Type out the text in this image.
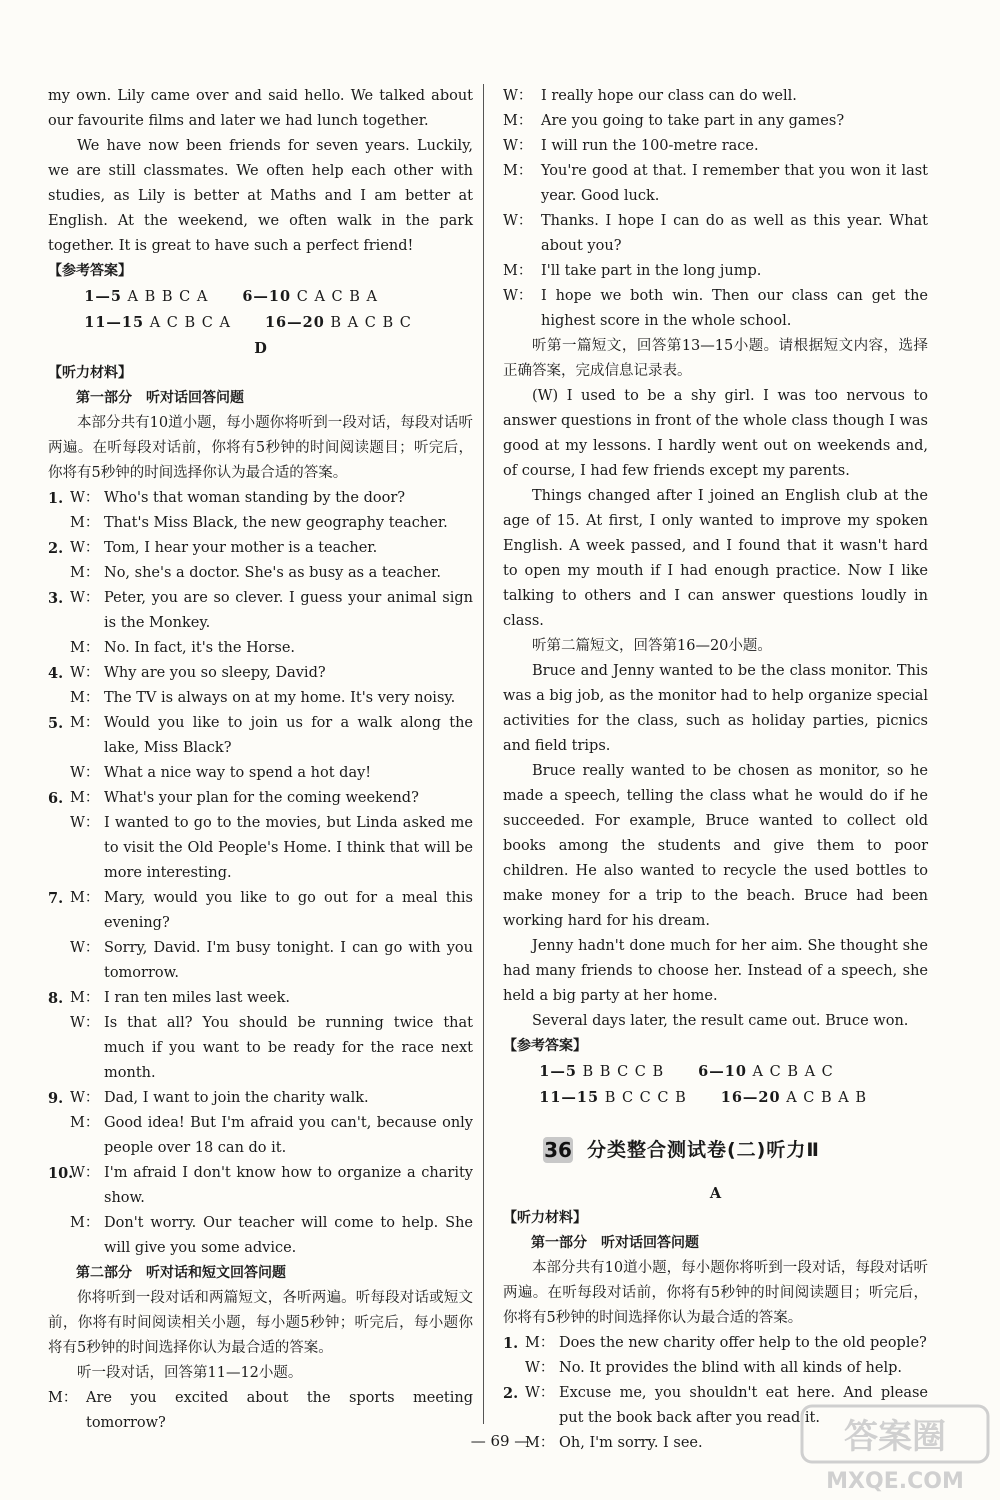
my own. Lily came over and said hello. We talked about our favourite films and later we had lunch together.
We have now been friends for seven years. Luckily, we are still classmates. We often help each other with studies, as Lily is better at Maths and I am better at English. At the weekend, we often walk in the park together. It is great to have such a perfect friend!
【参考答案】
1—5 A B B C A 6—10 C A C B A
11—15 A C B C A 16—20 B A C B C
D
【听力材料】
第一部分　听对话回答问题
本部分共有10道小题，每小题你将听到一段对话，每段对话听两遍。在听每段对话前，你将有5秒钟的时间阅读题目；听完后，你将有5秒钟的时间选择你认为最合适的答案。
1. W： Who's that woman standing by the door?
M： That's Miss Black, the new geography teacher.
2. W： Tom, I hear your mother is a teacher.
M： No, she's a doctor. She's as busy as a teacher.
3. W： Peter, you are so clever. I guess your animal sign is the Monkey.
M： No. In fact, it's the Horse.
4. W： Why are you so sleepy, David?
M： The TV is always on at my home. It's very noisy.
5. M： Would you like to join us for a walk along the lake, Miss Black?
W： What a nice way to spend a hot day!
6. M： What's your plan for the coming weekend?
W： I wanted to go to the movies, but Linda asked me to visit the Old People's Home. I think that will be more interesting.
7. M： Mary, would you like to go out for a meal this evening?
W： Sorry, David. I'm busy tonight. I can go with you tomorrow.
8. M： I ran ten miles last week.
W： Is that all? You should be running twice that much if you want to be ready for the race next month.
9. W： Dad, I want to join the charity walk.
M： Good idea! But I'm afraid you can't, because only people over 18 can do it.
10.
W： I'm afraid I don't know how to organize a charity show.
M： Don't worry. Our teacher will come to help. She will give you some advice.
第二部分　听对话和短文回答问题
你将听到一段对话和两篇短文，各听两遍。听每段对话或短文前，你将有时间阅读相关小题，每小题5秒钟；听完后，每小题你将有5秒钟的时间选择你认为最合适的答案。
听一段对话，回答第11—12小题。
M： Are you excited about the sports meeting tomorrow?
W： I really hope our class can do well.
M： Are you going to take part in any games?
W： I will run the 100-metre race.
M： You're good at that. I remember that you won it last year. Good luck.
W： Thanks. I hope I can do as well as this year. What about you?
M： I'll take part in the long jump.
W： I hope we both win. Then our class can get the highest score in the whole school.
听第一篇短文，回答第13—15小题。请根据短文内容，选择正确答案，完成信息记录表。
(W) I used to be a shy girl. I was too nervous to answer questions in front of the whole class though I was good at my lessons. I hardly went out on weekends and, of course, I had few friends except my parents.
Things changed after I joined an English club at the age of 15. At first, I only wanted to improve my spoken English. A week passed, and I found that it wasn't hard to open my mouth if I had enough practice. Now I like talking to others and I can answer questions loudly in class.
听第二篇短文，回答第16—20小题。
Bruce and Jenny wanted to be the class monitor. This was a big job, as the monitor had to help organize special activities for the class, such as holiday parties, picnics and field trips.
Bruce really wanted to be chosen as monitor, so he made a speech, telling the class what he would do if he succeeded. For example, Bruce wanted to collect old books among the students and give them to poor children. He also wanted to recycle the used bottles to make money for a trip to the beach. Bruce had been working hard for his dream.
Jenny hadn't done much for her aim. She thought she had many friends to choose her. Instead of a speech, she held a big party at her home.
Several days later, the result came out. Bruce won.
【参考答案】
1—5 B B C C B 6—10 A C B A C
11—15 B C C C B 16—20 A C B A B
36 分类整合测试卷(二)听力Ⅱ
A
【听力材料】
第一部分　听对话回答问题
本部分共有10道小题，每小题你将听到一段对话，每段对话听两遍。在听每段对话前，你将有5秒钟的时间阅读题目；听完后，你将有5秒钟的时间选择你认为最合适的答案。
1. M： Does the new charity offer help to the old people?
W： No. It provides the blind with all kinds of help.
2. W： Excuse me, you shouldn't eat here. And please put the book back after you read it.
M： Oh, I'm sorry. I see.
— 69 —	答案圈
MXQE.COM
